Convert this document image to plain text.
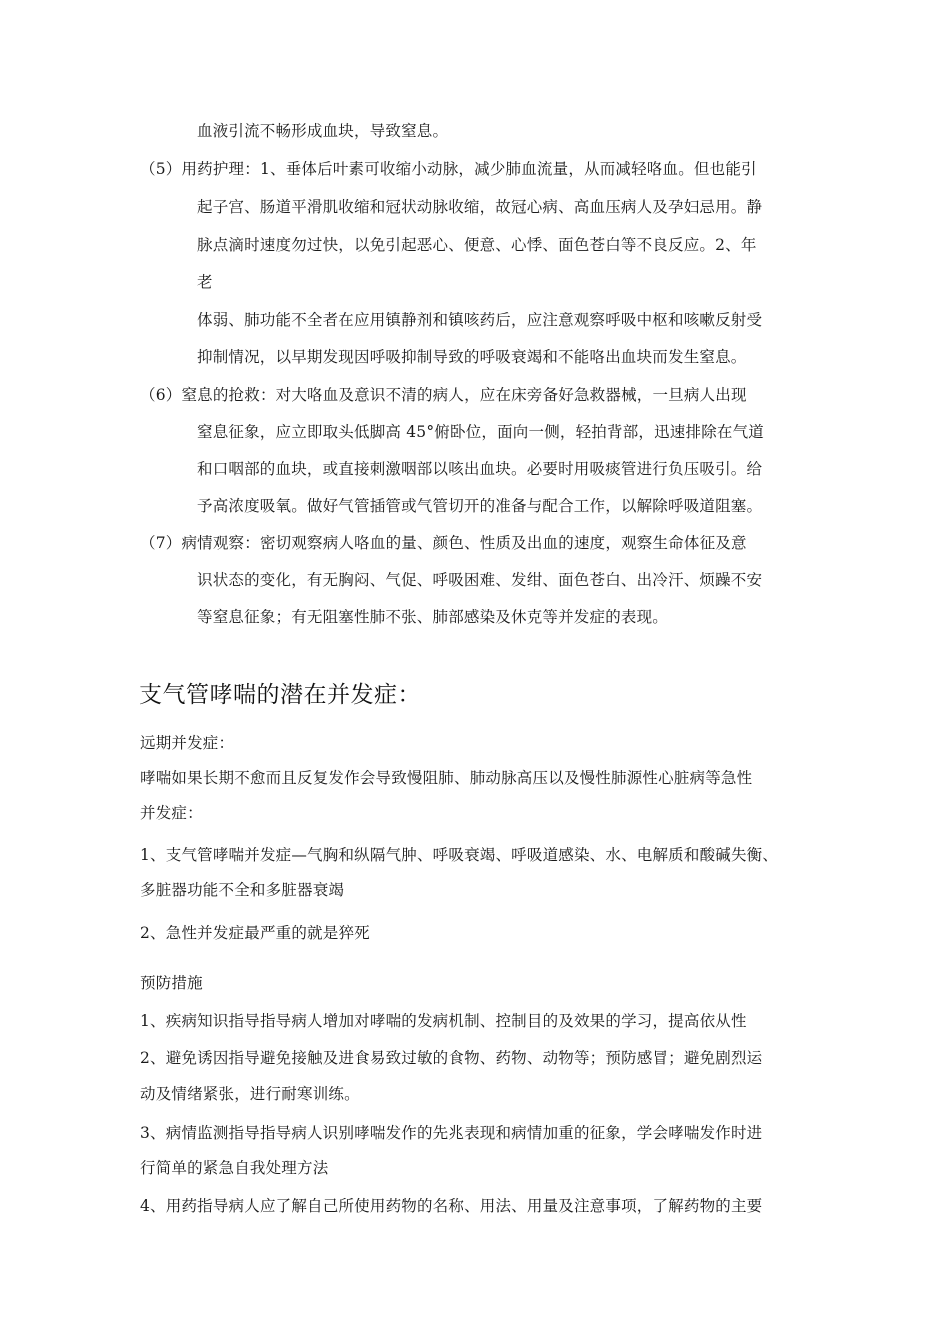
血液引流不畅形成血块，导致窒息。
（5）用药护理：1、垂体后叶素可收缩小动脉，减少肺血流量，从而减轻咯血。但也能引
起子宫、肠道平滑肌收缩和冠状动脉收缩，故冠心病、高血压病人及孕妇忌用。静
脉点滴时速度勿过快，以免引起恶心、便意、心悸、面色苍白等不良反应。2、年
老
体弱、肺功能不全者在应用镇静剂和镇咳药后，应注意观察呼吸中枢和咳嗽反射受
抑制情况，以早期发现因呼吸抑制导致的呼吸衰竭和不能咯出血块而发生窒息。
（6）窒息的抢救：对大咯血及意识不清的病人，应在床旁备好急救器械，一旦病人出现
窒息征象，应立即取头低脚高 45°俯卧位，面向一侧，轻拍背部，迅速排除在气道
和口咽部的血块，或直接刺激咽部以咳出血块。必要时用吸痰管进行负压吸引。给
予高浓度吸氧。做好气管插管或气管切开的准备与配合工作，以解除呼吸道阻塞。
（7）病情观察：密切观察病人咯血的量、颜色、性质及出血的速度，观察生命体征及意
识状态的变化，有无胸闷、气促、呼吸困难、发绀、面色苍白、出冷汗、烦躁不安
等窒息征象；有无阻塞性肺不张、肺部感染及休克等并发症的表现。
支气管哮喘的潜在并发症：
远期并发症：
哮喘如果长期不愈而且反复发作会导致慢阻肺、肺动脉高压以及慢性肺源性心脏病等急性
并发症：
1、支气管哮喘并发症—气胸和纵隔气肿、呼吸衰竭、呼吸道感染、水、电解质和酸碱失衡、
多脏器功能不全和多脏器衰竭
2、急性并发症最严重的就是猝死
预防措施
1、疾病知识指导指导病人增加对哮喘的发病机制、控制目的及效果的学习，提高依从性
2、避免诱因指导避免接触及进食易致过敏的食物、药物、动物等；预防感冒；避免剧烈运
动及情绪紧张，进行耐寒训练。
3、病情监测指导指导病人识别哮喘发作的先兆表现和病情加重的征象，学会哮喘发作时进
行简单的紧急自我处理方法
4、用药指导病人应了解自己所使用药物的名称、用法、用量及注意事项，了解药物的主要
